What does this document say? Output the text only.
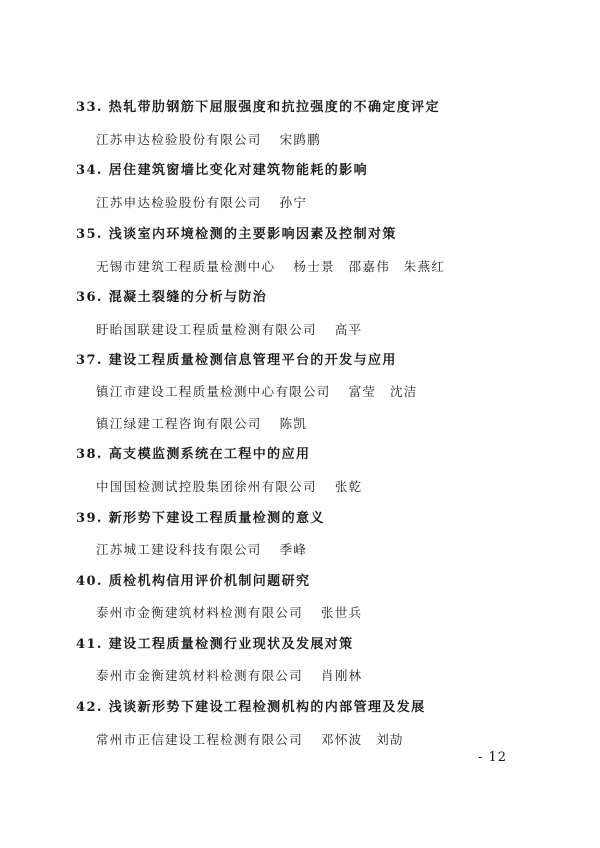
33. 热轧带肋钢筋下屈服强度和抗拉强度的不确定度评定
江苏申达检验股份有限公司 宋鹍鹏
34. 居住建筑窗墙比变化对建筑物能耗的影响
江苏申达检验股份有限公司 孙宁
35. 浅谈室内环境检测的主要影响因素及控制对策
无锡市建筑工程质量检测中心 杨士景　邵嘉伟　朱燕红
36. 混凝土裂缝的分析与防治
盱眙国联建设工程质量检测有限公司 高平
37. 建设工程质量检测信息管理平台的开发与应用
镇江市建设工程质量检测中心有限公司 富莹　沈洁
镇江绿建工程咨询有限公司 陈凯
38. 高支模监测系统在工程中的应用
中国国检测试控股集团徐州有限公司 张乾
39. 新形势下建设工程质量检测的意义
江苏城工建设科技有限公司 季峰
40. 质检机构信用评价机制问题研究
泰州市金衡建筑材料检测有限公司 张世兵
41. 建设工程质量检测行业现状及发展对策
泰州市金衡建筑材料检测有限公司 肖刚林
42. 浅谈新形势下建设工程检测机构的内部管理及发展
常州市正信建设工程检测有限公司 邓怀波　刘劼
- 12
